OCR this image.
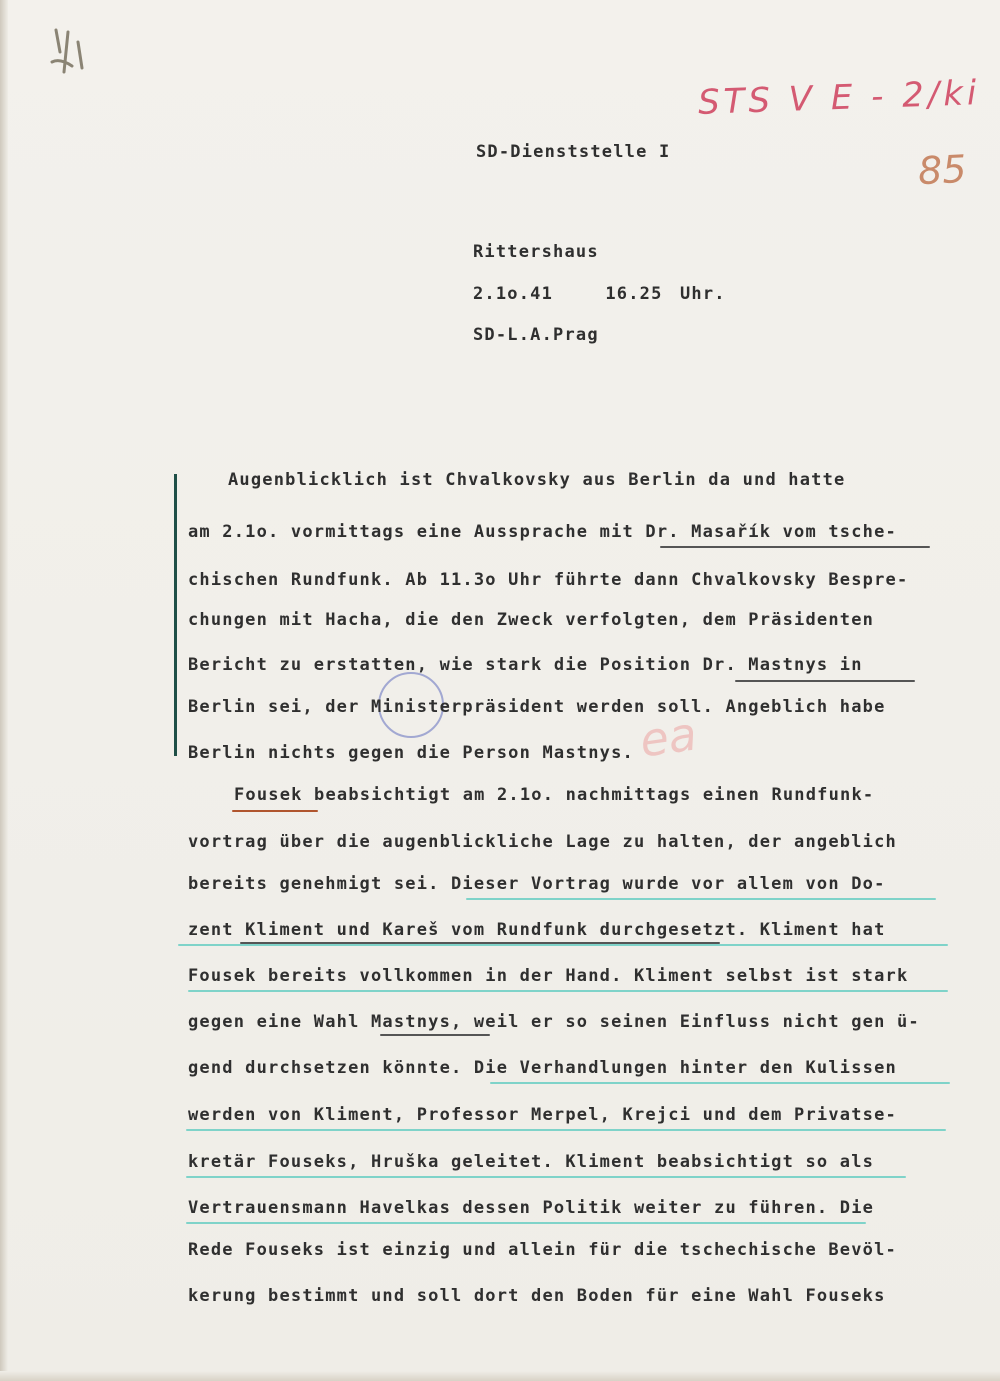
STS V E - 2/ki
85
SD-Dienststelle I
Rittershaus
2.1o.41   16.25 Uhr.
SD-L.A.Prag
ea
Augenblicklich ist Chvalkovsky aus Berlin da und hatte
am 2.1o. vormittags eine Aussprache mit Dr. Masařík vom tsche-
chischen Rundfunk. Ab 11.3o Uhr führte dann Chvalkovsky Bespre-
chungen mit Hacha, die den Zweck verfolgten, dem Präsidenten
Bericht zu erstatten, wie stark die Position Dr. Mastnys in
Berlin sei, der Ministerpräsident werden soll. Angeblich habe
Berlin nichts gegen die Person Mastnys.
Fousek beabsichtigt am 2.1o. nachmittags einen Rundfunk-
vortrag über die augenblickliche Lage zu halten, der angeblich
bereits genehmigt sei. Dieser Vortrag wurde vor allem von Do-
zent Kliment und Kareš vom Rundfunk durchgesetzt. Kliment hat
Fousek bereits vollkommen in der Hand. Kliment selbst ist stark
gegen eine Wahl Mastnys, weil er so seinen Einfluss nicht gen ü-
gend durchsetzen könnte. Die Verhandlungen hinter den Kulissen
werden von Kliment, Professor Merpel, Krejci und dem Privatse-
kretär Fouseks, Hruška geleitet. Kliment beabsichtigt so als
Vertrauensmann Havelkas dessen Politik weiter zu führen. Die
Rede Fouseks ist einzig und allein für die tschechische Bevöl-
kerung bestimmt und soll dort den Boden für eine Wahl Fouseks
